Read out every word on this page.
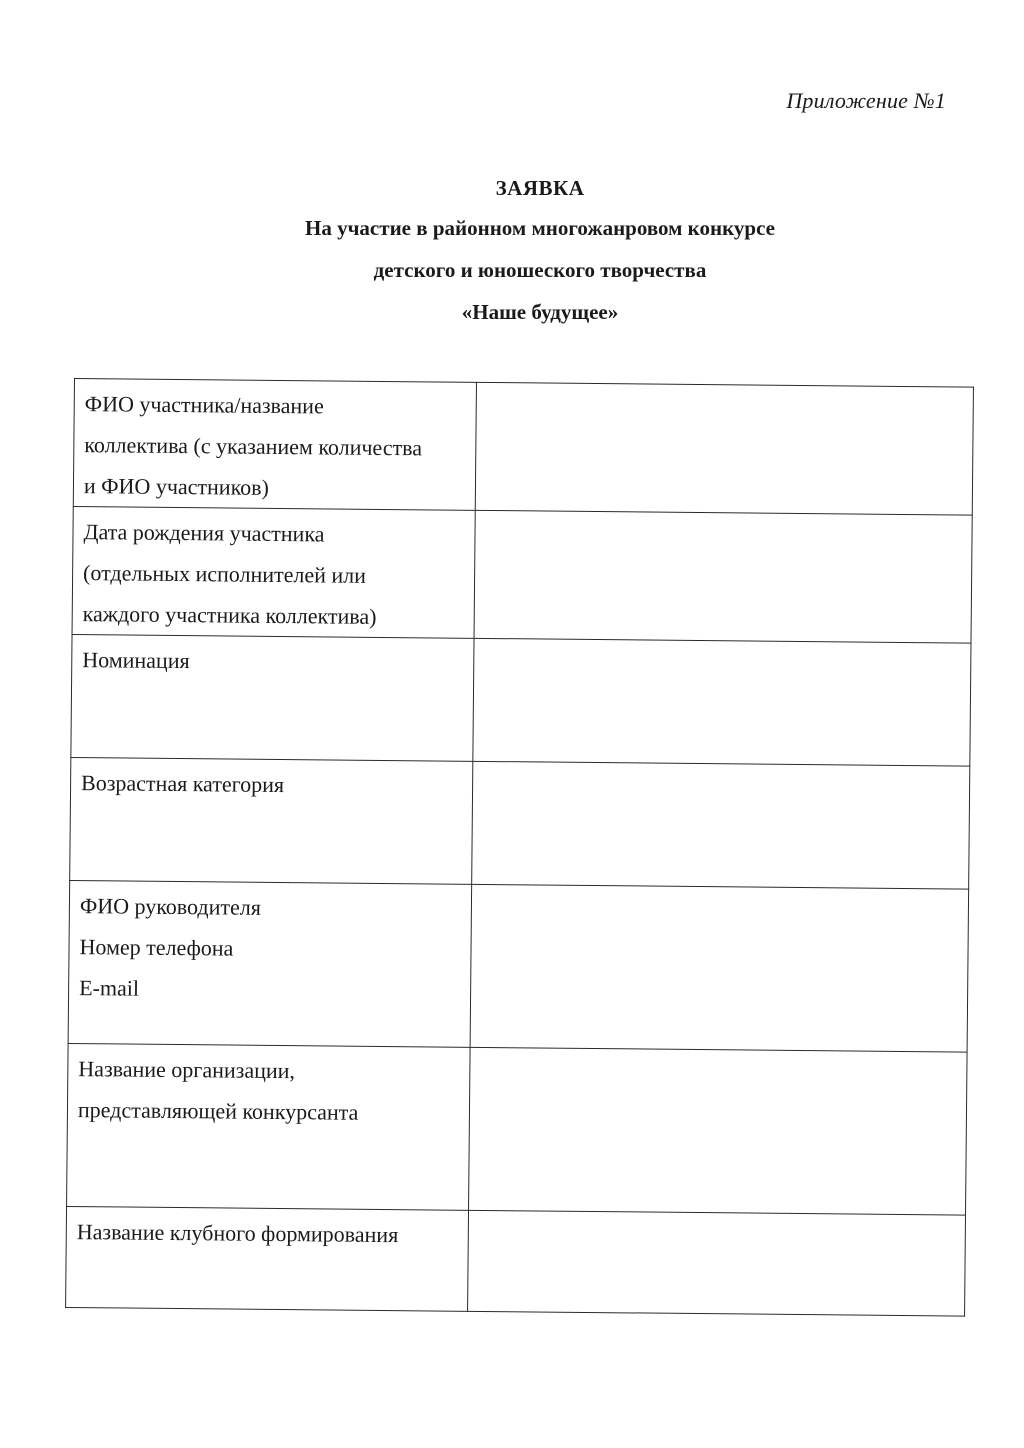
Приложение №1
ЗАЯВКА
На участие в районном многожанровом конкурсе
детского и юношеского творчества
«Наше будущее»
ФИО участника/название
коллектива (с указанием количества
и ФИО участников)	

Дата рождения участника
(отдельных исполнителей или
каждого участника коллектива)	

Номинация	

Возрастная категория	

ФИО руководителя
Номер телефона
E-mail	

Название организации,
представляющей конкурсанта	

Название клубного формирования	
